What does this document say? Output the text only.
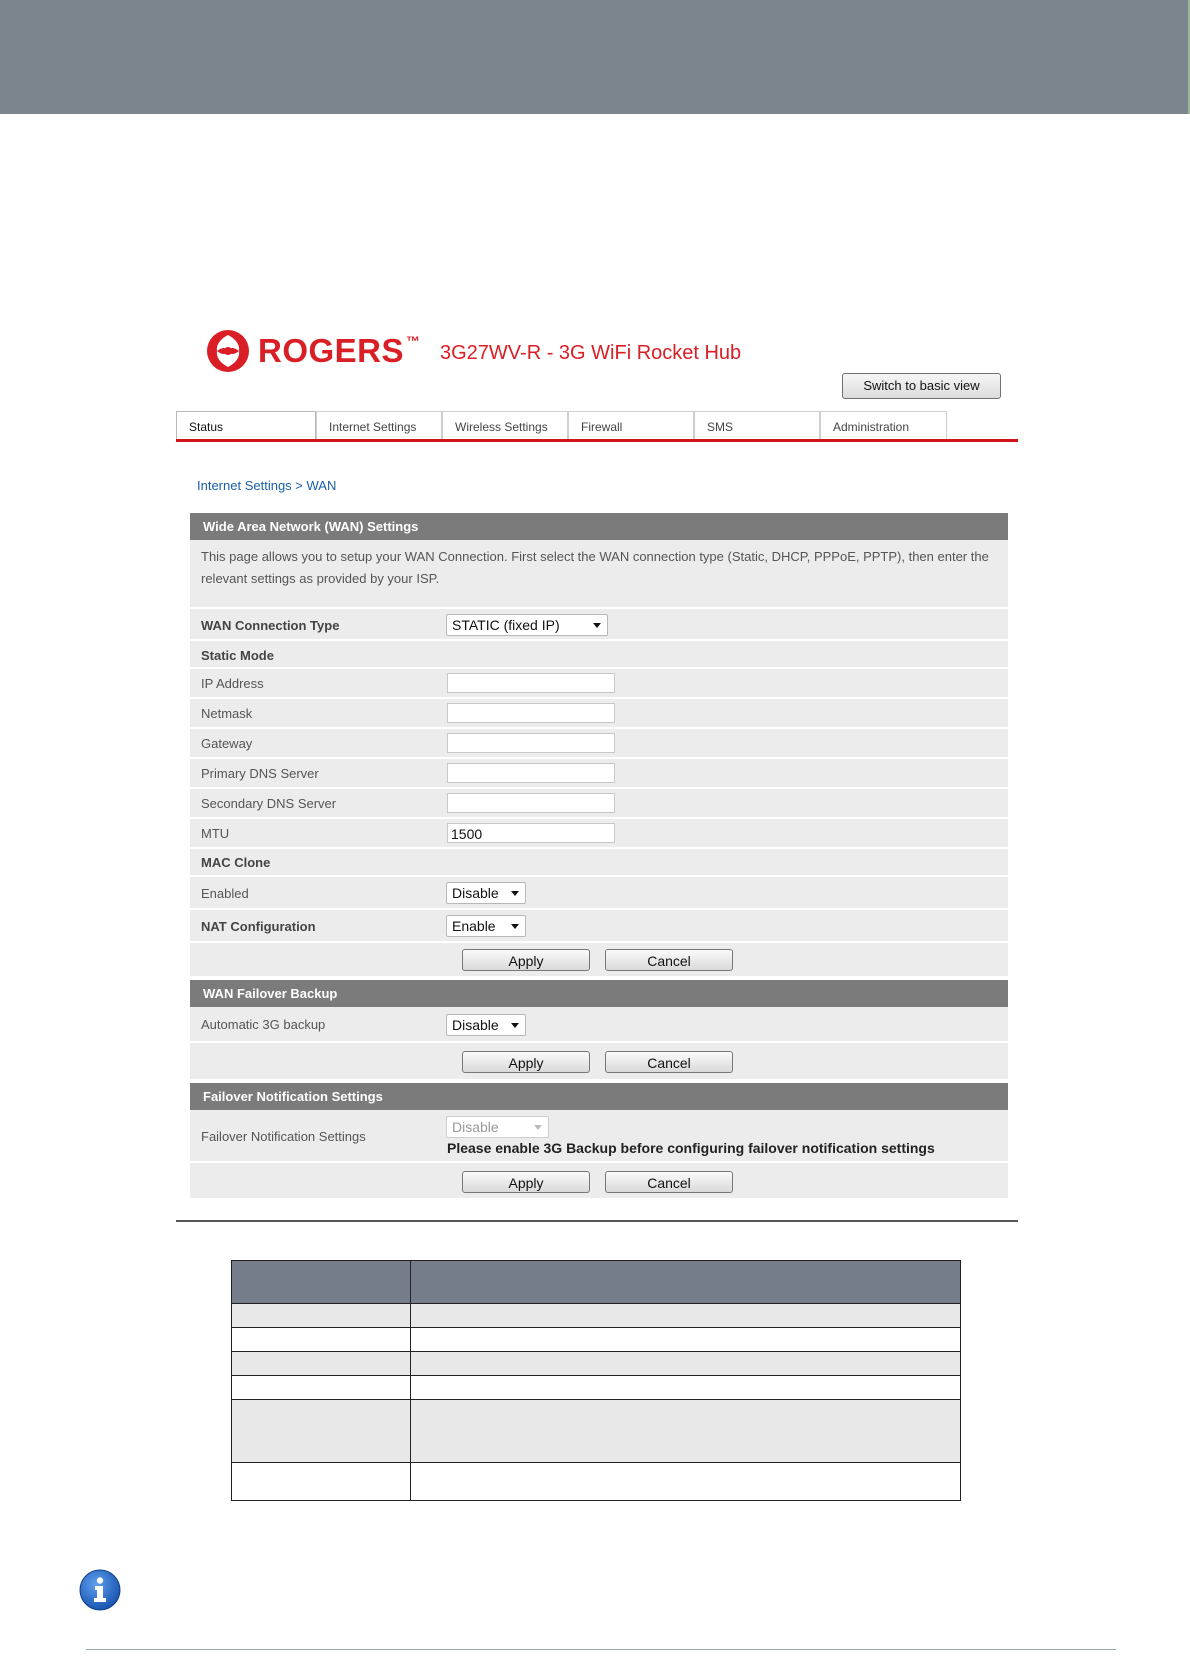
ROGERS ™
3G27WV-R - 3G WiFi Rocket Hub
Switch to basic view
Status	Internet Settings	Wireless Settings	Firewall	SMS	Administration
Internet Settings > WAN
Wide Area Network (WAN) Settings
This page allows you to setup your WAN Connection. First select the WAN connection type (Static, DHCP, PPPoE, PPTP), then enter the relevant settings as provided by your ISP.
WAN Connection Type	STATIC (fixed IP)
Static Mode
IP Address
Netmask
Gateway
Primary DNS Server
Secondary DNS Server
MTU	1500
MAC Clone
Enabled	Disable
NAT Configuration	Enable
Apply	Cancel
WAN Failover Backup
Automatic 3G backup	Disable
Apply	Cancel
Failover Notification Settings
Failover Notification Settings
Disable
Please enable 3G Backup before configuring failover notification settings
Apply	Cancel
